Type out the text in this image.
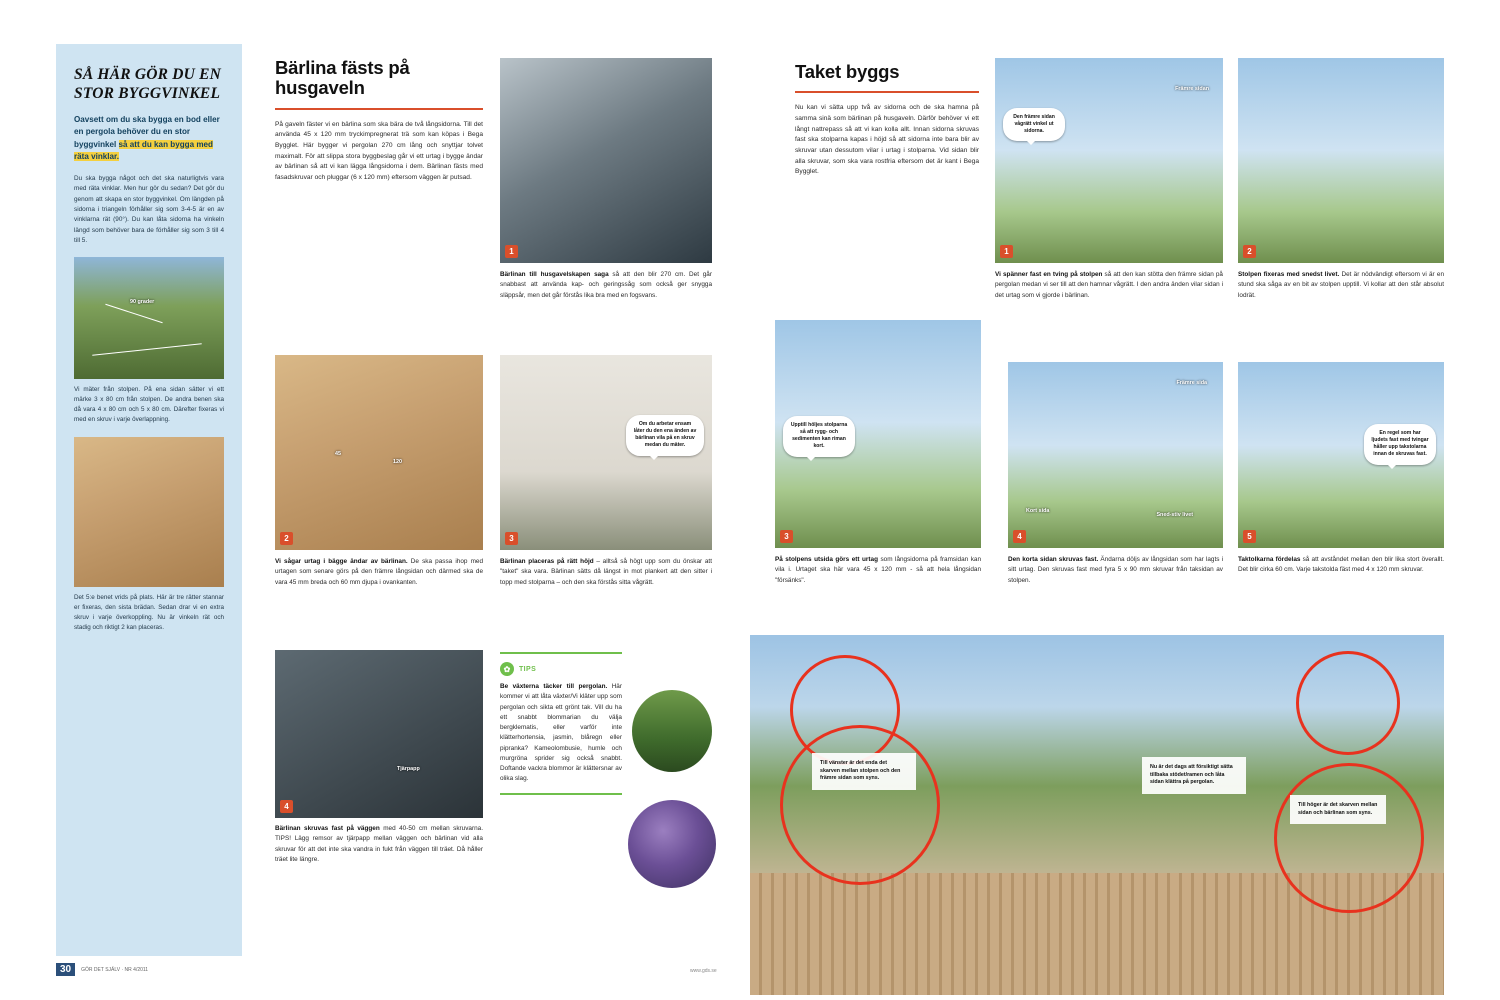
SÅ HÄR GÖR DU EN STOR BYGGVINKEL
Oavsett om du ska bygga en bod eller en pergola behöver du en stor byggvinkel så att du kan bygga med räta vinklar.
Du ska bygga något och det ska naturligtvis vara med räta vinklar. Men hur gör du sedan? Det gör du genom att skapa en stor byggvinkel. Om längden på sidorna i triangeln förhåller sig som 3-4-5 är en av vinklarna rät (90°). Du kan låta sidorna ha vinkeln längd som behöver bara de förhåller sig som 3 till 4 till 5.
90 grader
Vi mäter från stolpen. På ena sidan sätter vi ett märke 3 x 80 cm från stolpen. De andra benen ska då vara 4 x 80 cm och 5 x 80 cm. Därefter fixeras vi med en skruv i varje överlappning.
Det 5:e benet vrids på plats. Här är tre rätter stannar er fixeras, den sista brädan. Sedan drar vi en extra skruv i varje överkoppling. Nu är vinkeln rät och stadig och riktigt 2 kan placeras.
Bärlina fästs på husgaveln
På gaveln fäster vi en bärlina som ska bära de två långsidorna. Till det använda 45 x 120 mm tryckimpregnerat trä som kan köpas i Bega Bygglet. Här bygger vi pergolan 270 cm lång och snyttjar tolvet maximalt. För att slippa stora byggbeslag går vi ett urtag i bygge ändar av bärlinan så att vi kan lägga långsidorna i dem. Bärlinan fästs med fasadskruvar och pluggar (6 x 120 mm) eftersom väggen är putsad.
1
Bärlinan till husgavelskapen saga så att den blir 270 cm. Det går snabbast att använda kap- och geringssåg som också ger snygga släppsår, men det går förstås lika bra med en fogsvans.
2
120
45
Vi sågar urtag i bägge ändar av bärlinan. De ska passa ihop med urtagen som senare görs på den främre långsidan och därmed ska de vara 45 mm breda och 60 mm djupa i ovankanten.
4
Tjärpapp
Bärlinan skruvas fast på väggen med 40-50 cm mellan skruvarna. TIPS! Lägg remsor av tjärpapp mellan väggen och bärlinan vid alla skruvar för att det inte ska vandra in fukt från väggen till träet. Då håller träet lite längre.
3
Om du arbetar ensam låter du den ena änden av bärlinan vila på en skruv medan du mäter.
Bärlinan placeras på rätt höjd – alltså så högt upp som du önskar att "taket" ska vara. Bärlinan sätts då längst in mot plankert att den sitter i topp med stolparna – och den ska förstås sitta vågrätt.
✿	TIPS
Be växterna täcker till pergolan. Här kommer vi att låta växter/Vi kläter upp som pergolan och sikta ett grönt tak. Vill du ha ett snabbt blommarian du välja bergklematis, eller varför inte klätterhortensia, jasmin, blåregn eller pipranka? Kameolombusie, humle och murgröna sprider sig också snabbt. Doftande vackra blommor är klättersnar av olika slag.
Taket byggs
Nu kan vi sätta upp två av sidorna och de ska hamna på samma sinä som bärlinan på husgaveln. Därför behöver vi ett långt nattrepass så att vi kan kolla allt. Innan sidorna skruvas fast ska stolparna kapas i höjd så att sidorna inte bara blir av skruvar utan dessutom vilar i urtag i stolparna. Vid sidan blir alla skruvar, som ska vara rostfria eftersom det är kant i Bega Bygglet.
1
Den främre sidan vågrätt vinkel ut sidorna.
Främre sidan
Vi spänner fast en tving på stolpen så att den kan stötta den främre sidan på pergolan medan vi ser till att den hamnar vågrätt. I den andra änden vilar sidan i det urtag som vi gjorde i bärlinan.
2
Stolpen fixeras med snedst livet. Det är nödvändigt eftersom vi är en stund ska såga av en bit av stolpen upptill. Vi kollar att den står absolut lodrät.
3
Upptill höljes stolparna så att rygg- och sedimenten kan riman kort.
På stolpens utsida görs ett urtag som långsidorna på framsidan kan vila i. Urtaget ska här vara 45 x 120 mm - så att hela långsidan "försänks".
4
Främre sida
Kort sida
Sned-stiv livet
Den korta sidan skruvas fast. Ändarna döljs av långsidan som har lagts i sitt urtag. Den skruvas fast med fyra 5 x 90 mm skruvar från taksidan av stolpen.
5
En regel som har ljudets fast med tvingar håller upp takstolarna innan de skruvas fast.
Taktolkarna fördelas så att avståndet mellan den blir lika stort överallt. Det blir cirka 60 cm. Varje takstolda fäst med 4 x 120 mm skruvar.
Till vänster är det enda det skarven mellan stolpen och den främre sidan som syns.
Nu är det dags att försiktigt sätta tillbaka stödet/ramen och låta sidan klättra på pergolan.
Till höger är det skarven mellan sidan och bärlinan som syns.
30	GÖR DET SJÄLV · NR 4/2011	www.gds.se
